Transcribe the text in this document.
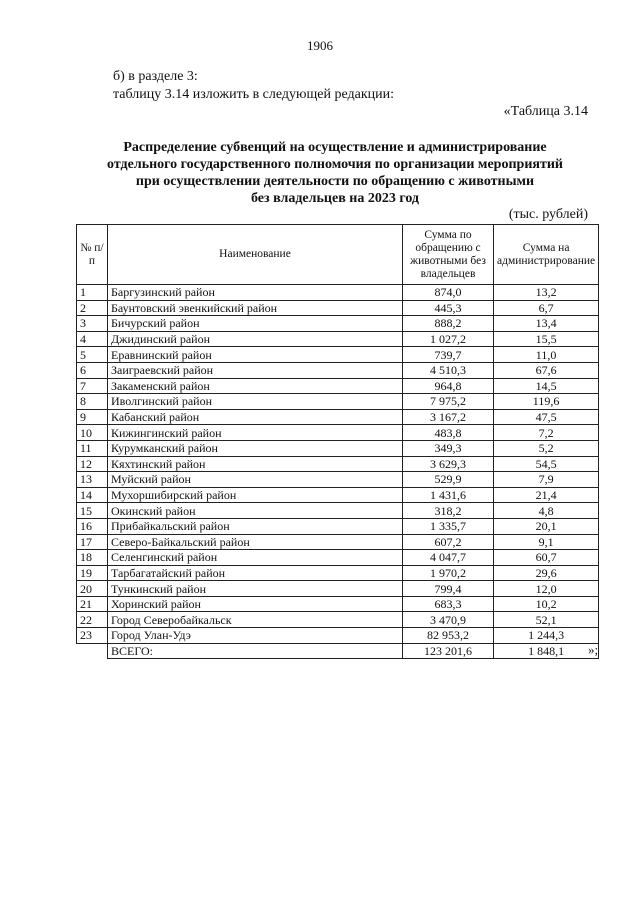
1906
б) в разделе 3:
таблицу 3.14 изложить в следующей редакции:
«Таблица 3.14
Распределение субвенций на осуществление и администрирование
отдельного государственного полномочия по организации мероприятий
при осуществлении деятельности по обращению с животными
без владельцев на 2023 год
(тыс. рублей)
№ п/п	Наименование	Сумма по обращению с животными без владельцев	Сумма на администрирование
1	Баргузинский район	874,0	13,2
2	Баунтовский эвенкийский район	445,3	6,7
3	Бичурский район	888,2	13,4
4	Джидинский район	1 027,2	15,5
5	Еравнинский район	739,7	11,0
6	Заиграевский район	4 510,3	67,6
7	Закаменский район	964,8	14,5
8	Иволгинский район	7 975,2	119,6
9	Кабанский район	3 167,2	47,5
10	Кижингинский район	483,8	7,2
11	Курумканский район	349,3	5,2
12	Кяхтинский район	3 629,3	54,5
13	Муйский район	529,9	7,9
14	Мухоршибирский район	1 431,6	21,4
15	Окинский район	318,2	4,8
16	Прибайкальский район	1 335,7	20,1
17	Северо-Байкальский район	607,2	9,1
18	Селенгинский район	4 047,7	60,7
19	Тарбагатайский район	1 970,2	29,6
20	Тункинский район	799,4	12,0
21	Хоринский район	683,3	10,2
22	Город Северобайкальск	3 470,9	52,1
23	Город Улан-Удэ	82 953,2	1 244,3
	ВСЕГО:	123 201,6	1 848,1 »;
